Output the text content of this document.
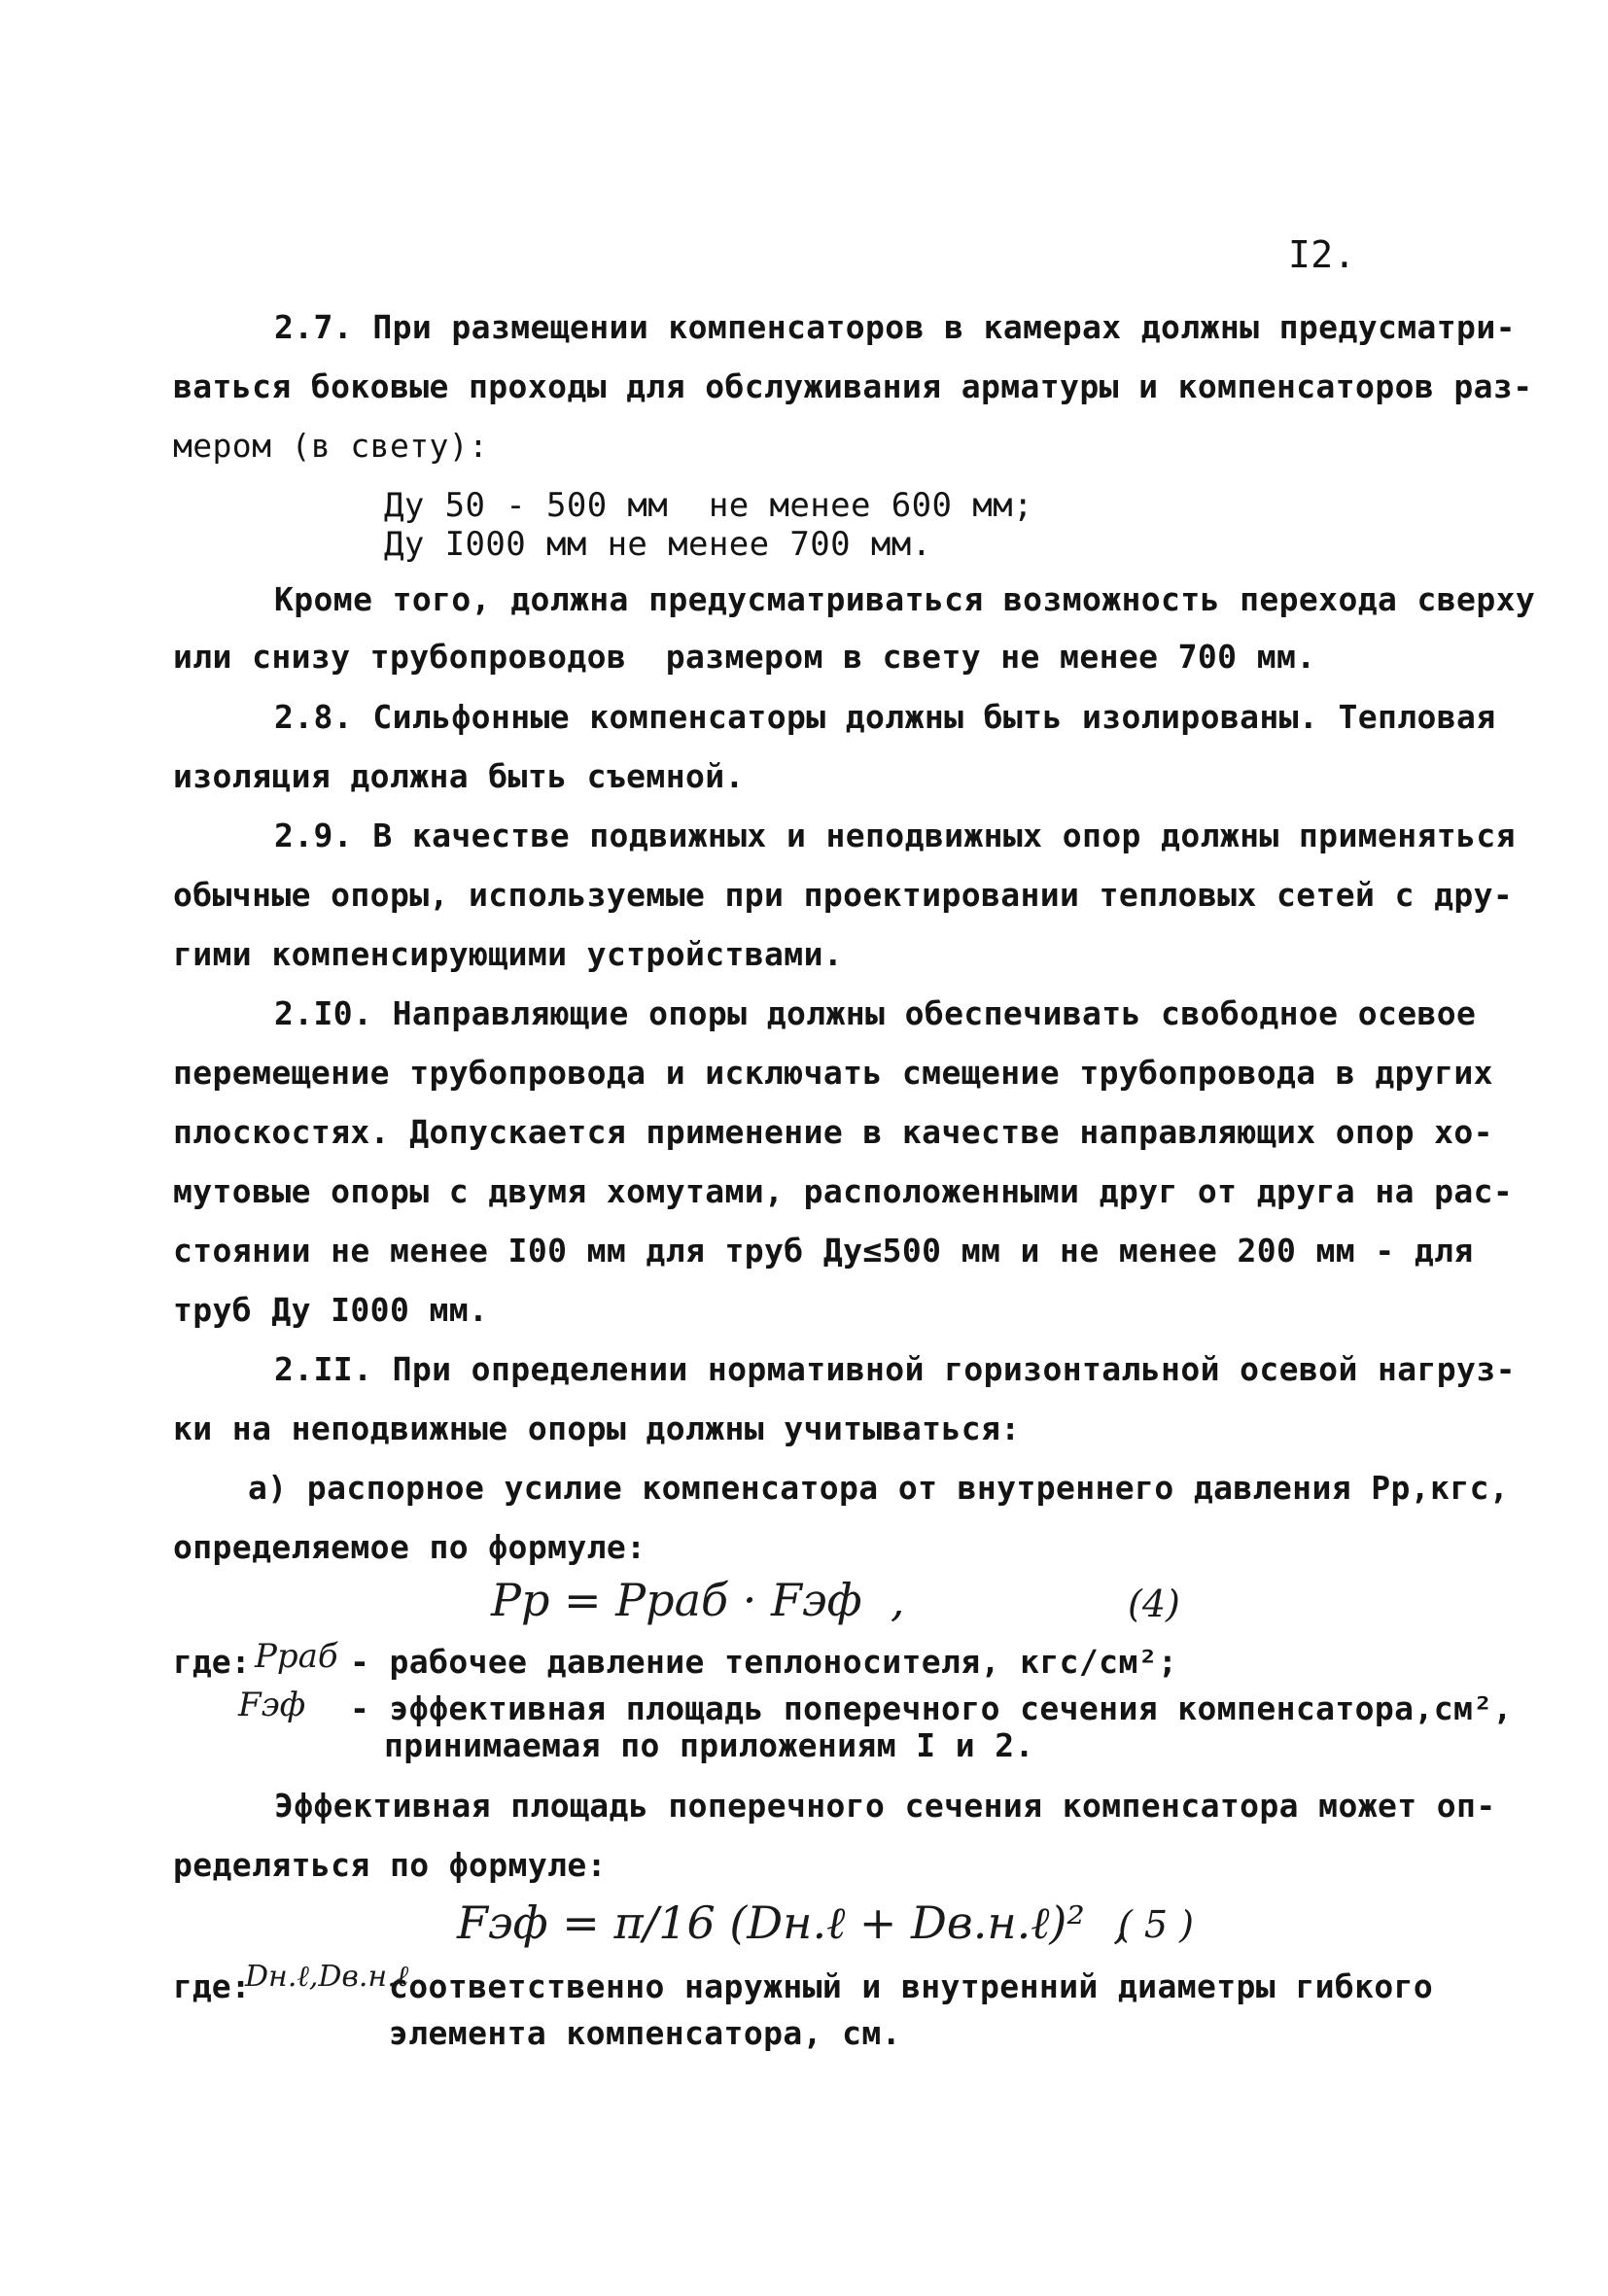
I2.
2.7. При размещении компенсаторов в камерах должны предусматри-
ваться боковые проходы для обслуживания арматуры и компенсаторов раз-
мером (в свету):
Ду 50 - 500 мм  не менее 600 мм;
Ду I000 мм не менее 700 мм.
Кроме того, должна предусматриваться возможность перехода сверху
или снизу трубопроводов  размером в свету не менее 700 мм.
2.8. Сильфонные компенсаторы должны быть изолированы. Тепловая
изоляция должна быть съемной.
2.9. В качестве подвижных и неподвижных опор должны применяться
обычные опоры, используемые при проектировании тепловых сетей с дру-
гими компенсирующими устройствами.
2.I0. Направляющие опоры должны обеспечивать свободное осевое
перемещение трубопровода и исключать смещение трубопровода в других
плоскостях. Допускается применение в качестве направляющих опор хо-
мутовые опоры с двумя хомутами, расположенными друг от друга на рас-
стоянии не менее I00 мм для труб Ду≤500 мм и не менее 200 мм - для
труб Ду I000 мм.
2.II. При определении нормативной горизонтальной осевой нагруз-
ки на неподвижные опоры должны учитываться:
а) распорное усилие компенсатора от внутреннего давления Pр,кгс,
определяемое по формуле:
Pр = Pраб · Fэф  ,	(4)
где: Pраб - рабочее давление теплоносителя, кгс/см²;
Fэф - эффективная площадь поперечного сечения компенсатора,см²,
принимаемая по приложениям I и 2.
Эффективная площадь поперечного сечения компенсатора может оп-
ределяться по формуле:
Fэф = π/16 (Dн.ℓ + Dв.н.ℓ)²  ,
( 5 )
где:
Dн.ℓ,Dв.н.ℓ
соответственно наружный и внутренний диаметры гибкого
элемента компенсатора, см.
